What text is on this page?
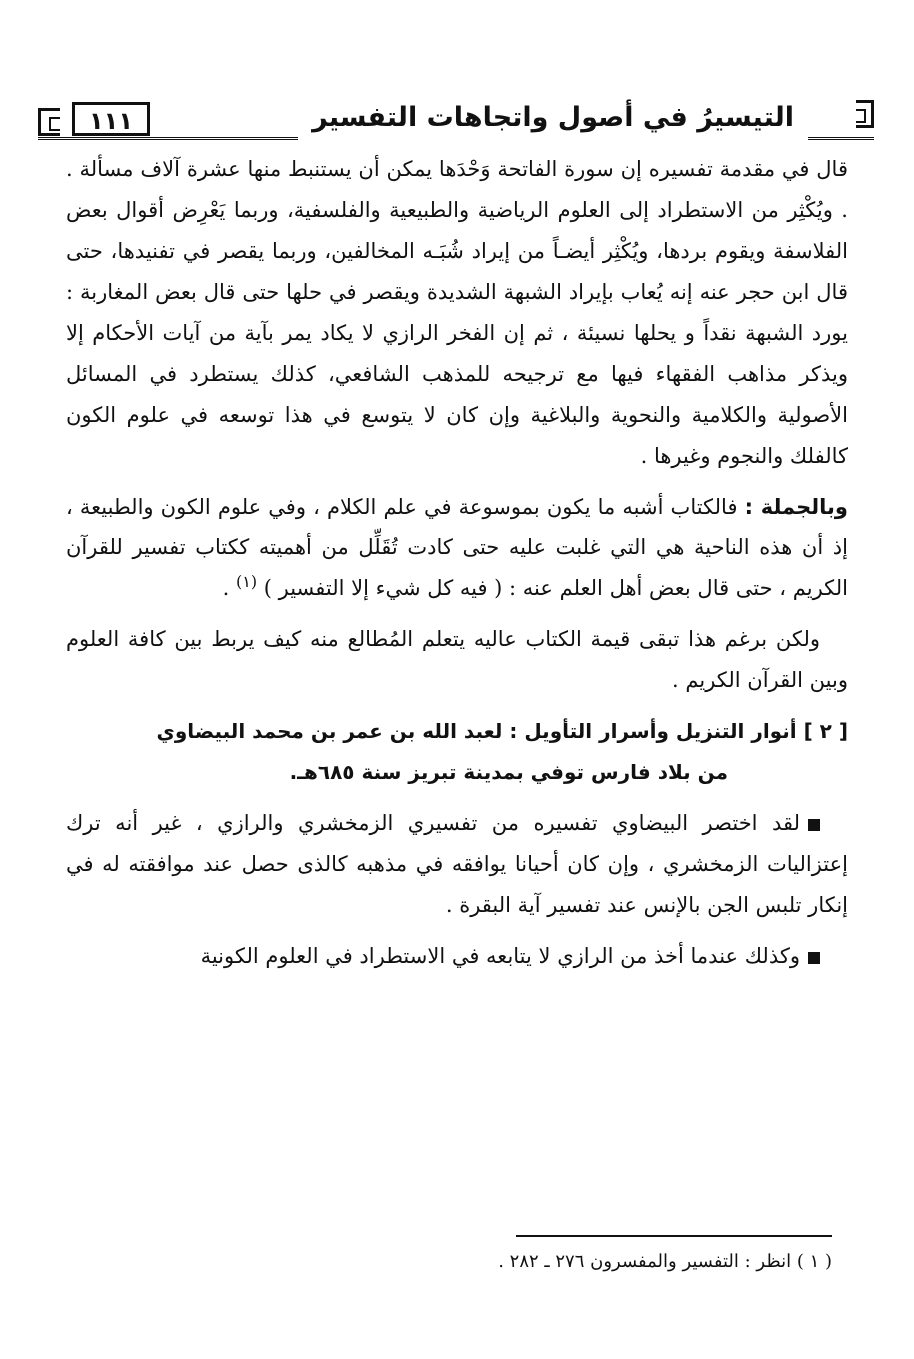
١١١	التيسيرُ في أصول واتجاهات التفسير

قال في مقدمة تفسيره إن سورة الفاتحة وَحْدَها يمكن أن يستنبط منها عشرة آلاف مسألة . . ويُكْثِر من الاستطراد إلى العلوم الرياضية والطبيعية والفلسفية، وربما يَعْرِض أقوال بعض الفلاسفة ويقوم بردها، ويُكْثِر أيضـاً من إيراد شُبَـه المخالفين، وربما يقصر في تفنيدها، حتى قال ابن حجر عنه إنه يُعاب بإيراد الشبهة الشديدة ويقصر في حلها حتى قال بعض المغاربة : يورد الشبهة نقداً و يحلها نسيئة ، ثم إن الفخر الرازي لا يكاد يمر بآية من آيات الأحكام إلا ويذكر مذاهب الفقهاء فيها مع ترجيحه للمذهب الشافعي، كذلك يستطرد في المسائل الأصولية والكلامية والنحوية والبلاغية وإن كان لا يتوسع في هذا توسعه في علوم الكون كالفلك والنجوم وغيرها .

وبالجملة : فالكتاب أشبه ما يكون بموسوعة في علم الكلام ، وفي علوم الكون والطبيعة ، إذ أن هذه الناحية هي التي غلبت عليه حتى كادت تُقَلِّل من أهميته ككتاب تفسير للقرآن الكريم ، حتى قال بعض أهل العلم عنه : ( فيه كل شيء إلا التفسير ) $^{(١)}$ .

ولكن برغم هذا تبقى قيمة الكتاب عاليه يتعلم المُطالع منه كيف يربط بين كافة العلوم وبين القرآن الكريم .

[ ٢ ] أنوار التنزيل وأسرار التأويل : لعبد الله بن عمر بن محمد البيضاوي
من بلاد فارس توفي بمدينة تبريز سنة ٦٨٥هـ.

لقد اختصر البيضاوي تفسيره من تفسيري الزمخشري والرازي ، غير أنه ترك إعتزاليات الزمخشري ، وإن كان أحيانا يوافقه في مذهبه كالذى حصل عند موافقته له في إنكار تلبس الجن بالإنس عند تفسير آية البقرة .

وكذلك عندما أخذ من الرازي لا يتابعه في الاستطراد في العلوم الكونية

( ١ ) انظر : التفسير والمفسرون ٢٧٦ ـ ٢٨٢ .
